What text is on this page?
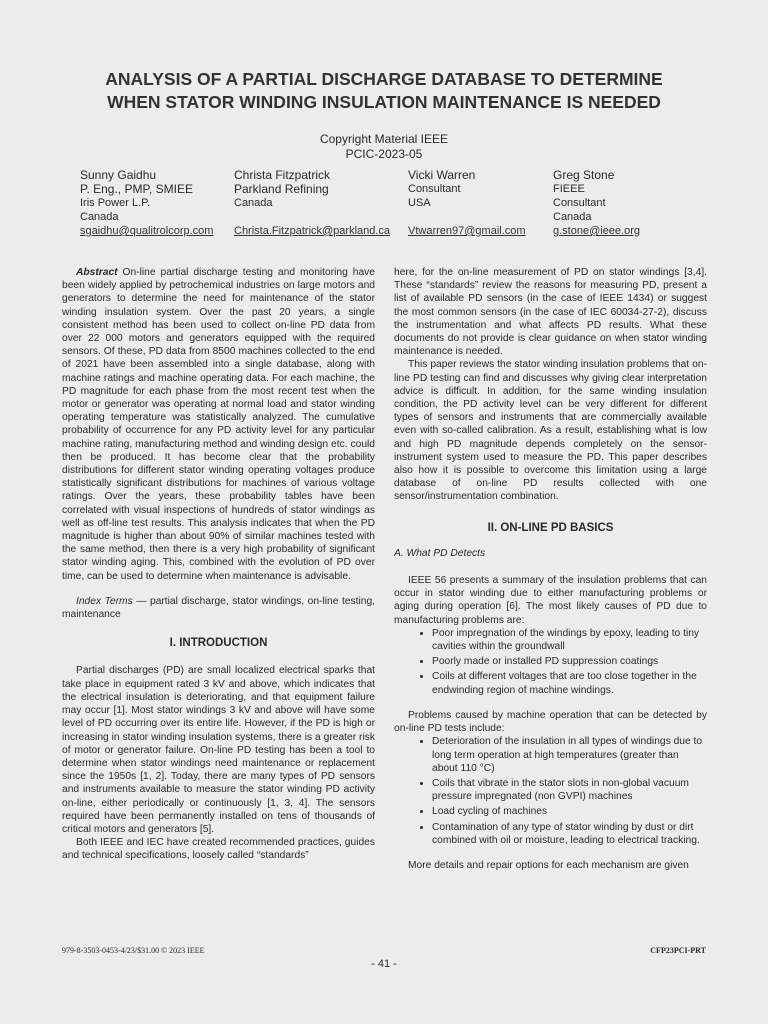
ANALYSIS OF A PARTIAL DISCHARGE DATABASE TO DETERMINE
WHEN STATOR WINDING INSULATION MAINTENANCE IS NEEDED
Copyright Material IEEE
PCIC-2023-05
Sunny Gaidhu
P. Eng., PMP, SMIEE
Iris Power L.P.
Canada
sgaidhu@qualitrolcorp.com
Christa Fitzpatrick
Parkland Refining
Canada
Christa.Fitzpatrick@parkland.ca
Vicki Warren
Consultant
USA
Vtwarren97@gmail.com
Greg Stone
FIEEE
Consultant
Canada
g.stone@ieee.org

Abstract On-line partial discharge testing and monitoring have been widely applied by petrochemical industries on large motors and generators to determine the need for maintenance of the stator winding insulation system. Over the past 20 years, a single consistent method has been used to collect on-line PD data from over 22 000 motors and generators equipped with the required sensors. Of these, PD data from 8500 machines collected to the end of 2021 have been assembled into a single database, along with machine ratings and machine operating data. For each machine, the PD magnitude for each phase from the most recent test when the motor or generator was operating at normal load and stator winding operating temperature was statistically analyzed. The cumulative probability of occurrence for any PD activity level for any particular machine rating, manufacturing method and winding design etc. could then be produced. It has become clear that the probability distributions for different stator winding operating voltages produce statistically significant distributions for machines of various voltage ratings. Over the years, these probability tables have been correlated with visual inspections of hundreds of stator windings as well as off-line test results. This analysis indicates that when the PD magnitude is higher than about 90% of similar machines tested with the same method, then there is a very high probability of significant stator winding aging. This, combined with the evolution of PD over time, can be used to determine when maintenance is advisable.

Index Terms — partial discharge, stator windings, on-line testing, maintenance

I. INTRODUCTION

Partial discharges (PD) are small localized electrical sparks that take place in equipment rated 3 kV and above, which indicates that the electrical insulation is deteriorating, and that equipment failure may occur [1]. Most stator windings 3 kV and above will have some level of PD occurring over its entire life. However, if the PD is high or increasing in stator winding insulation systems, there is a greater risk of motor or generator failure. On-line PD testing has been a tool to determine when stator windings need maintenance or replacement since the 1950s [1, 2]. Today, there are many types of PD sensors and instruments available to measure the stator winding PD activity on-line, either periodically or continuously [1, 3, 4]. The sensors required have been permanently installed on tens of thousands of critical motors and generators [5].

Both IEEE and IEC have created recommended practices, guides and technical specifications, loosely called “standards”

here, for the on-line measurement of PD on stator windings [3,4]. These “standards” review the reasons for measuring PD, present a list of available PD sensors (in the case of IEEE 1434) or suggest the most common sensors (in the case of IEC 60034-27-2), discuss the instrumentation and what affects PD results. What these documents do not provide is clear guidance on when stator winding maintenance is needed.

This paper reviews the stator winding insulation problems that on-line PD testing can find and discusses why giving clear interpretation advice is difficult. In addition, for the same winding insulation condition, the PD activity level can be very different for different types of sensors and instruments that are commercially available even with so-called calibration. As a result, establishing what is low and high PD magnitude depends completely on the sensor-instrument system used to measure the PD. This paper describes also how it is possible to overcome this limitation using a large database of on-line PD results collected with one sensor/instrumentation combination.

II. ON-LINE PD BASICS
A. What PD Detects

IEEE 56 presents a summary of the insulation problems that can occur in stator winding due to either manufacturing problems or aging during operation [6]. The most likely causes of PD due to manufacturing problems are:

• Poor impregnation of the windings by epoxy, leading to tiny cavities within the groundwall
• Poorly made or installed PD suppression coatings
• Coils at different voltages that are too close together in the endwinding region of machine windings.

Problems caused by machine operation that can be detected by on-line PD tests include:

• Deterioration of the insulation in all types of windings due to long term operation at high temperatures (greater than about 110 °C)
• Coils that vibrate in the stator slots in non-global vacuum pressure impregnated (non GVPI) machines
• Load cycling of machines
• Contamination of any type of stator winding by dust or dirt combined with oil or moisture, leading to electrical tracking.

More details and repair options for each mechanism are given

979-8-3503-0453-4/23/$31.00 © 2023 IEEE	CFP23PCI-PRT
- 41 -
